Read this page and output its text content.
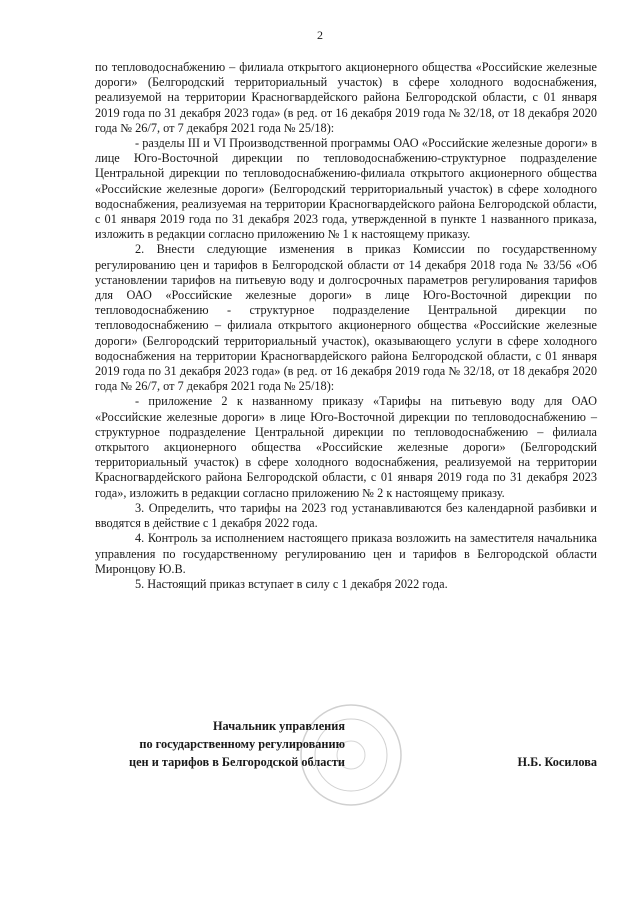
2

по тепловодоснабжению – филиала открытого акционерного общества «Российские железные дороги» (Белгородский территориальный участок) в сфере холодного водоснабжения, реализуемой на территории Красногвардейского района Белгородской области, с 01 января 2019 года по 31 декабря 2023 года» (в ред. от 16 декабря 2019 года № 32/18, от 18 декабря 2020 года № 26/7, от 7 декабря 2021 года № 25/18):

- разделы III и VI Производственной программы ОАО «Российские железные дороги» в лице Юго-Восточной дирекции по тепловодоснабжению-структурное подразделение Центральной дирекции по тепловодоснабжению-филиала открытого акционерного общества «Российские железные дороги» (Белгородский территориальный участок) в сфере холодного водоснабжения, реализуемая на территории Красногвардейского района Белгородской области, с 01 января 2019 года по 31 декабря 2023 года, утвержденной в пункте 1 названного приказа, изложить в редакции согласно приложению № 1 к настоящему приказу.

2. Внести следующие изменения в приказ Комиссии по государственному регулированию цен и тарифов в Белгородской области от 14 декабря 2018 года № 33/56 «Об установлении тарифов на питьевую воду и долгосрочных параметров регулирования тарифов для ОАО «Российские железные дороги» в лице Юго-Восточной дирекции по тепловодоснабжению - структурное подразделение Центральной дирекции по тепловодоснабжению – филиала открытого акционерного общества «Российские железные дороги» (Белгородский территориальный участок), оказывающего услуги в сфере холодного водоснабжения на территории Красногвардейского района Белгородской области, с 01 января 2019 года по 31 декабря 2023 года» (в ред. от 16 декабря 2019 года № 32/18, от 18 декабря 2020 года № 26/7, от 7 декабря 2021 года № 25/18):

- приложение 2 к названному приказу «Тарифы на питьевую воду для ОАО «Российские железные дороги» в лице Юго-Восточной дирекции по тепловодоснабжению – структурное подразделение Центральной дирекции по тепловодоснабжению – филиала открытого акционерного общества «Российские железные дороги» (Белгородский территориальный участок) в сфере холодного водоснабжения, реализуемой на территории Красногвардейского района Белгородской области, с 01 января 2019 года по 31 декабря 2023 года», изложить в редакции согласно приложению № 2 к настоящему приказу.

3. Определить, что тарифы на 2023 год устанавливаются без календарной разбивки и вводятся в действие с 1 декабря 2022 года.

4. Контроль за исполнением настоящего приказа возложить на заместителя начальника управления по государственному регулированию цен и тарифов в Белгородской области Миронцову Ю.В.

5. Настоящий приказ вступает в силу с 1 декабря 2022 года.

Начальник управления
по государственному регулированию
цен и тарифов в Белгородской области	Н.Б. Косилова
